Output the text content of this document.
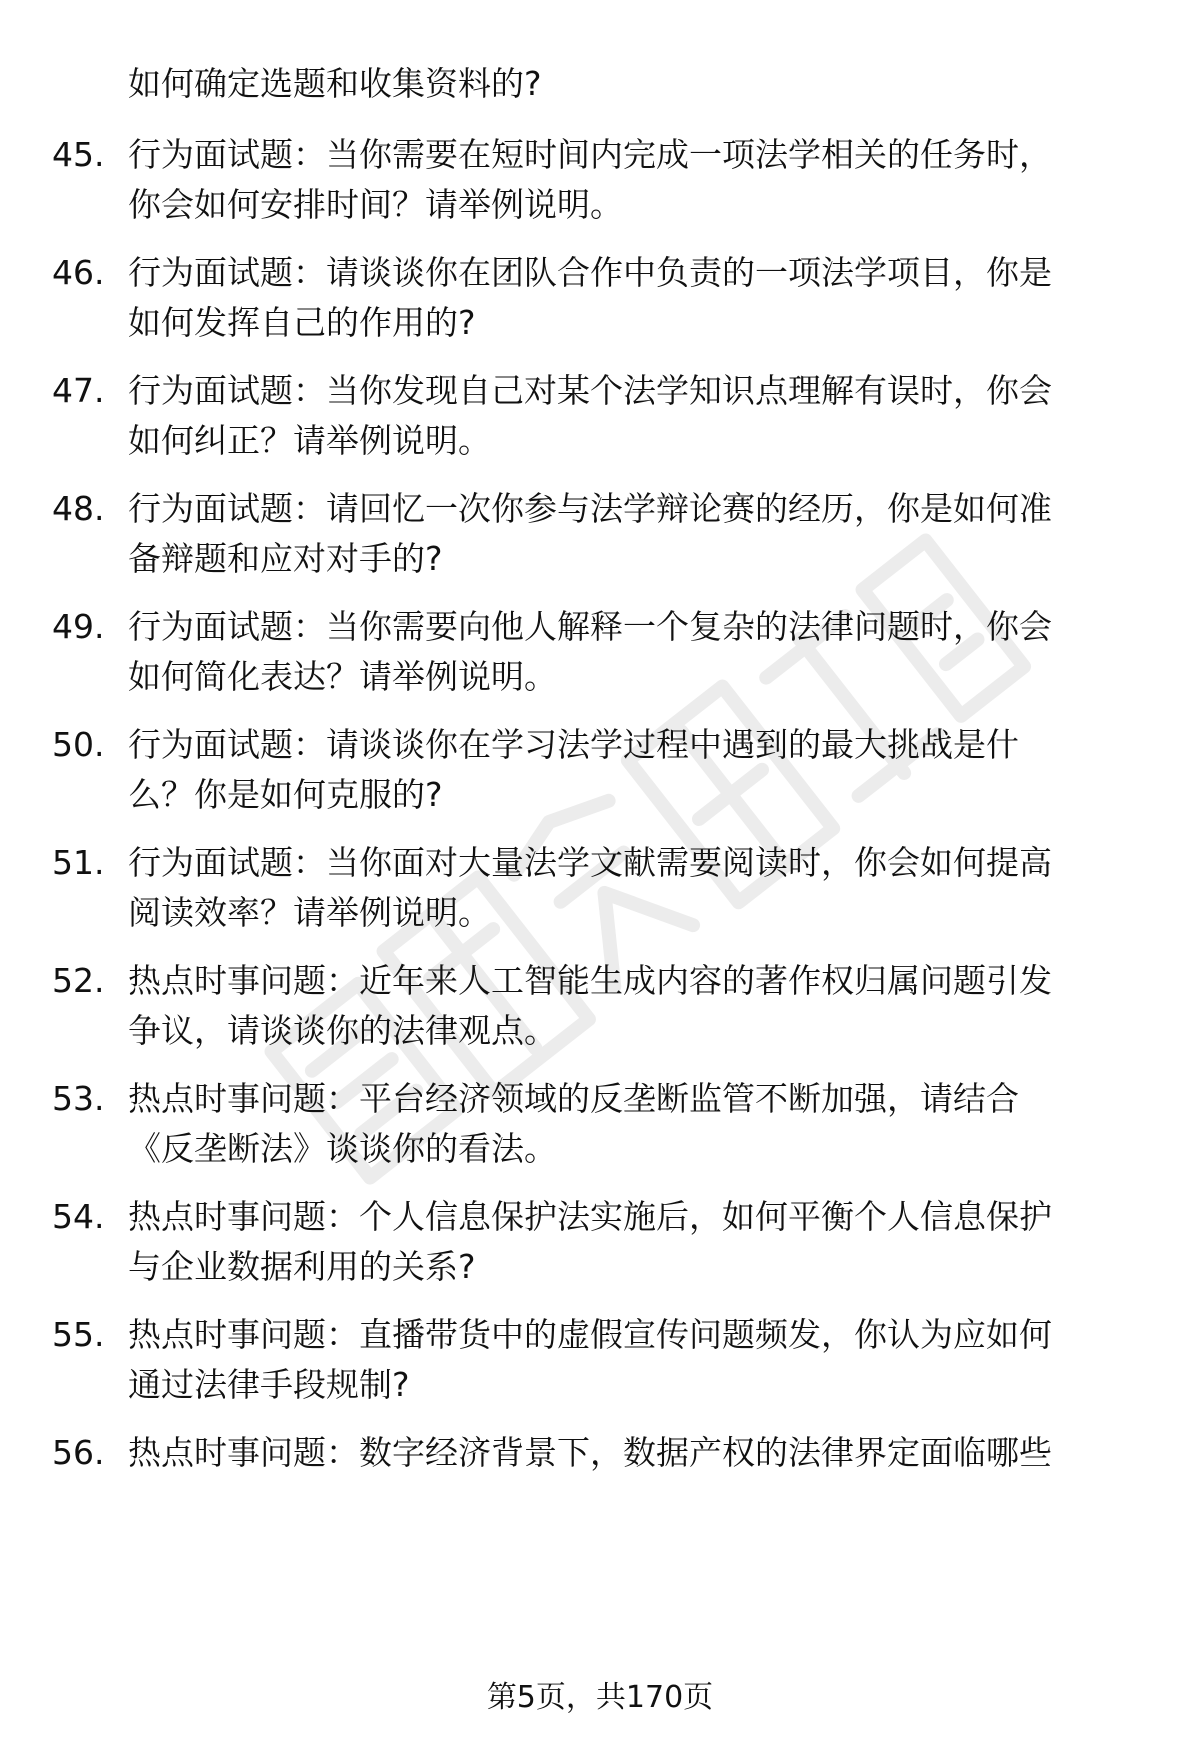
如何确定选题和收集资料的?
45. 行为面试题：当你需要在短时间内完成一项法学相关的任务时，
你会如何安排时间？请举例说明。
46. 行为面试题：请谈谈你在团队合作中负责的一项法学项目，你是
如何发挥自己的作用的?
47. 行为面试题：当你发现自己对某个法学知识点理解有误时，你会
如何纠正？请举例说明。
48. 行为面试题：请回忆一次你参与法学辩论赛的经历，你是如何准
备辩题和应对对手的?
49. 行为面试题：当你需要向他人解释一个复杂的法律问题时，你会
如何简化表达？请举例说明。
50. 行为面试题：请谈谈你在学习法学过程中遇到的最大挑战是什
么？你是如何克服的?
51. 行为面试题：当你面对大量法学文献需要阅读时，你会如何提高
阅读效率？请举例说明。
52. 热点时事问题：近年来人工智能生成内容的著作权归属问题引发
争议，请谈谈你的法律观点。
53. 热点时事问题：平台经济领域的反垄断监管不断加强，请结合
《反垄断法》谈谈你的看法。
54. 热点时事问题：个人信息保护法实施后，如何平衡个人信息保护
与企业数据利用的关系?
55. 热点时事问题：直播带货中的虚假宣传问题频发，你认为应如何
通过法律手段规制?
56. 热点时事问题：数字经济背景下，数据产权的法律界定面临哪些
第5页，共170页
